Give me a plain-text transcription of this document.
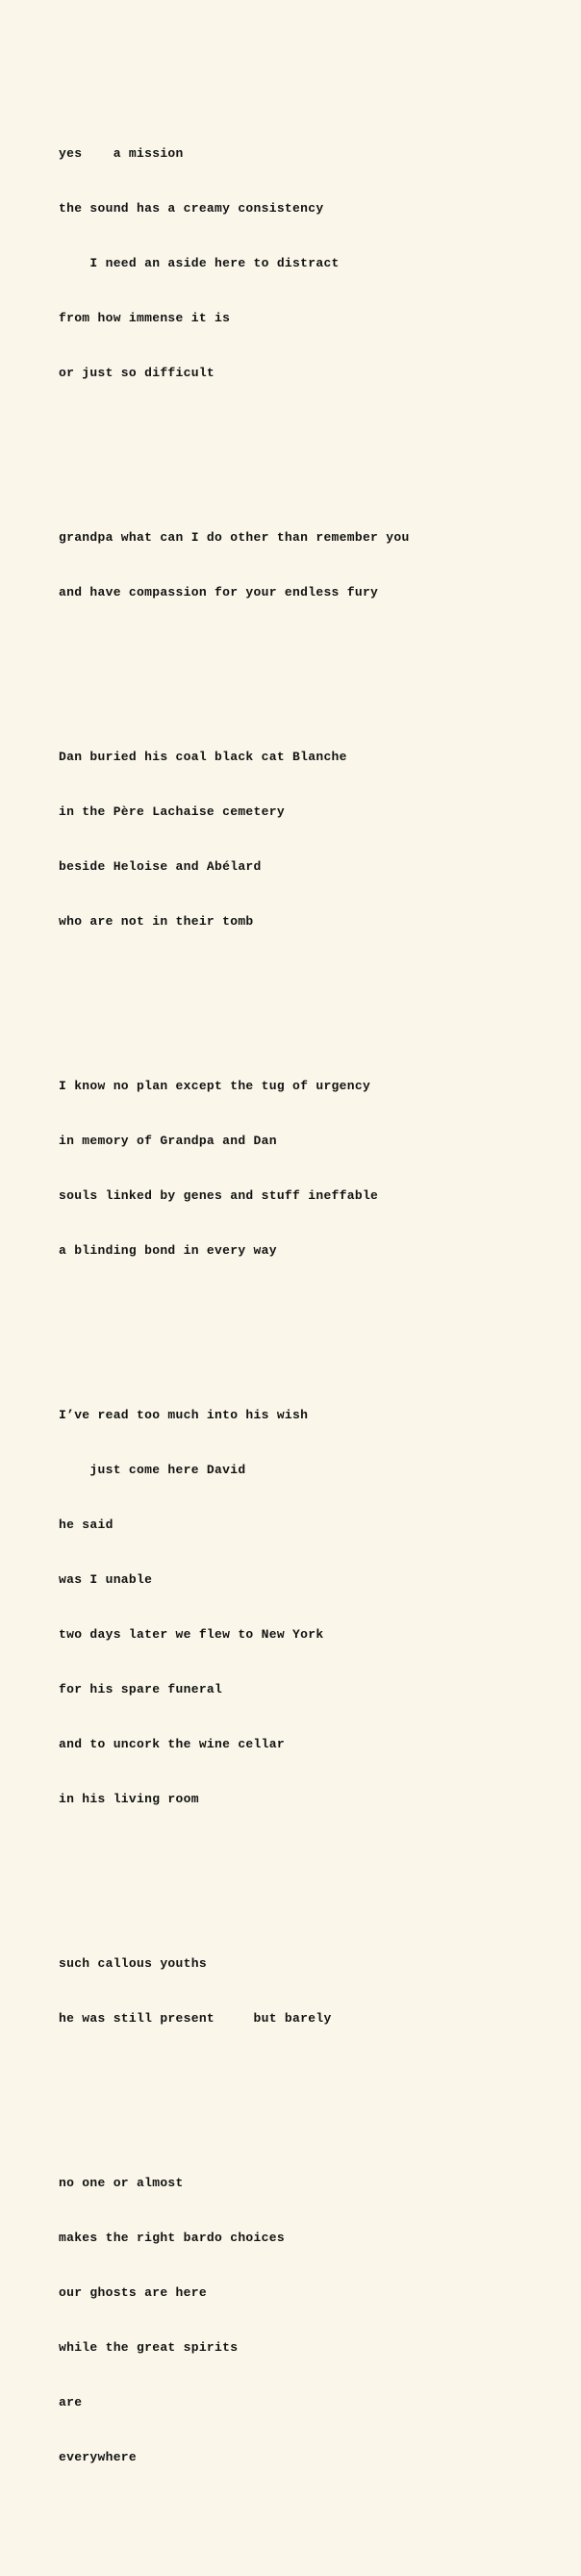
yes    a mission

the sound has a creamy consistency

I need an aside here to distract

from how immense it is

or just so difficult

grandpa what can I do other than remember you

and have compassion for your endless fury

Dan buried his coal black cat Blanche

in the Père Lachaise cemetery

beside Heloise and Abélard

who are not in their tomb

I know no plan except the tug of urgency

in memory of Grandpa and Dan

souls linked by genes and stuff ineffable

a blinding bond in every way

I’ve read too much into his wish

just come here David

he said

was I unable

two days later we flew to New York

for his spare funeral

and to uncork the wine cellar

in his living room

such callous youths

he was still present     but barely

no one or almost

makes the right bardo choices

our ghosts are here

while the great spirits

are

everywhere
